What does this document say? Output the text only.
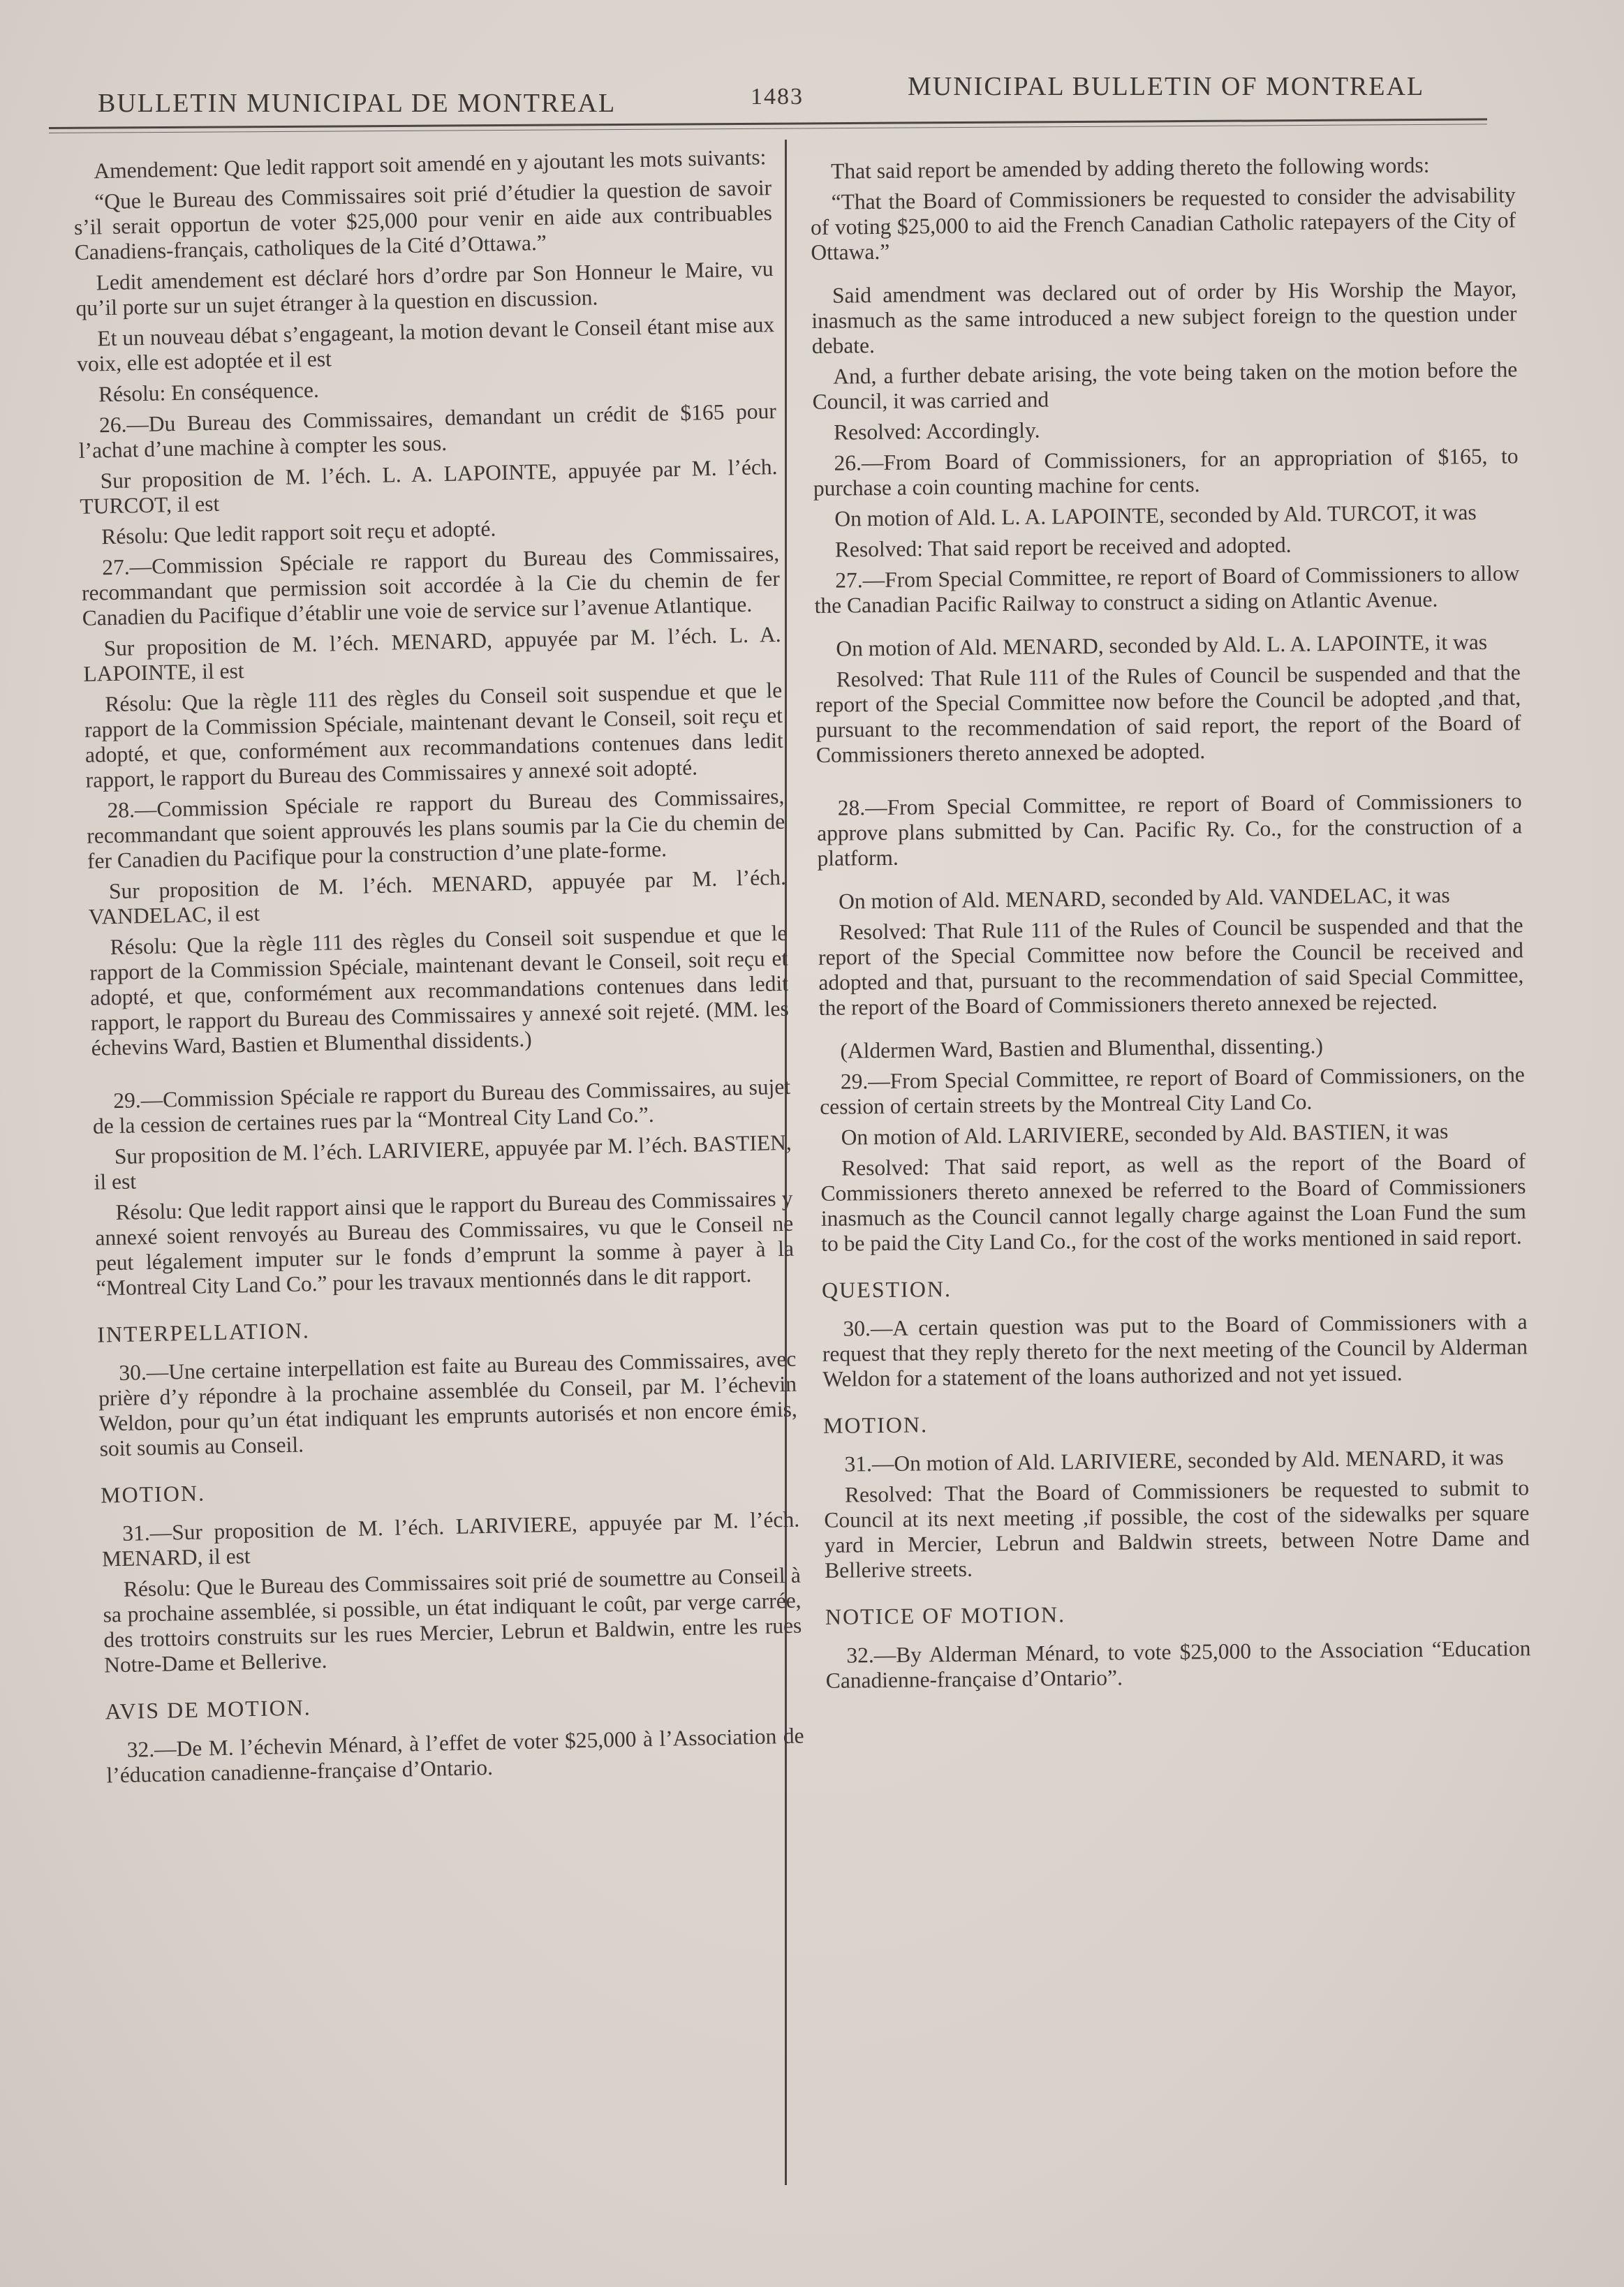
BULLETIN MUNICIPAL DE MONTREAL	1483	MUNICIPAL BULLETIN OF MONTREAL

Amendement: Que ledit rapport soit amendé en y ajoutant les mots suivants:

“Que le Bureau des Commissaires soit prié d’étudier la question de savoir s’il serait opportun de voter $25,000 pour venir en aide aux contribuables Canadiens-français, catholiques de la Cité d’Ottawa.”

Ledit amendement est déclaré hors d’ordre par Son Honneur le Maire, vu qu’il porte sur un sujet étranger à la question en discussion.

Et un nouveau débat s’engageant, la motion devant le Conseil étant mise aux voix, elle est adoptée et il est

Résolu: En conséquence.

26.—Du Bureau des Commissaires, demandant un crédit de $165 pour l’achat d’une machine à compter les sous.

Sur proposition de M. l’éch. L. A. LAPOINTE, appuyée par M. l’éch. TURCOT, il est

Résolu: Que ledit rapport soit reçu et adopté.

27.—Commission Spéciale re rapport du Bureau des Commissaires, recommandant que permission soit accordée à la Cie du chemin de fer Canadien du Pacifique d’établir une voie de service sur l’avenue Atlantique.

Sur proposition de M. l’éch. MENARD, appuyée par M. l’éch. L. A. LAPOINTE, il est

Résolu: Que la règle 111 des règles du Conseil soit suspendue et que le rapport de la Commission Spéciale, maintenant devant le Conseil, soit reçu et adopté, et que, conformément aux recommandations contenues dans ledit rapport, le rapport du Bureau des Commissaires y annexé soit adopté.

28.—Commission Spéciale re rapport du Bureau des Commissaires, recommandant que soient approuvés les plans soumis par la Cie du chemin de fer Canadien du Pacifique pour la construction d’une plate-forme.

Sur proposition de M. l’éch. MENARD, appuyée par M. l’éch. VANDELAC, il est

Résolu: Que la règle 111 des règles du Conseil soit suspendue et que le rapport de la Commission Spéciale, maintenant devant le Conseil, soit reçu et adopté, et que, conformément aux recommandations contenues dans ledit rapport, le rapport du Bureau des Commissaires y annexé soit rejeté. (MM. les échevins Ward, Bastien et Blumenthal dissidents.)

29.—Commission Spéciale re rapport du Bureau des Commissaires, au sujet de la cession de certaines rues par la “Montreal City Land Co.”.

Sur proposition de M. l’éch. LARIVIERE, appuyée par M. l’éch. BASTIEN, il est

Résolu: Que ledit rapport ainsi que le rapport du Bureau des Commissaires y annexé soient renvoyés au Bureau des Commissaires, vu que le Conseil ne peut légalement imputer sur le fonds d’emprunt la somme à payer à la “Montreal City Land Co.” pour les travaux mentionnés dans le dit rapport.

INTERPELLATION.

30.—Une certaine interpellation est faite au Bureau des Commissaires, avec prière d’y répondre à la prochaine assemblée du Conseil, par M. l’échevin Weldon, pour qu’un état indiquant les emprunts autorisés et non encore émis, soit soumis au Conseil.

MOTION.

31.—Sur proposition de M. l’éch. LARIVIERE, appuyée par M. l’éch. MENARD, il est

Résolu: Que le Bureau des Commissaires soit prié de soumettre au Conseil à sa prochaine assemblée, si possible, un état indiquant le coût, par verge carrée, des trottoirs construits sur les rues Mercier, Lebrun et Baldwin, entre les rues Notre-Dame et Bellerive.

AVIS DE MOTION.

32.—De M. l’échevin Ménard, à l’effet de voter $25,000 à l’Association de l’éducation canadienne-française d’Ontario.

That said report be amended by adding thereto the following words:

“That the Board of Commissioners be requested to consider the advisability of voting $25,000 to aid the French Canadian Catholic ratepayers of the City of Ottawa.”

Said amendment was declared out of order by His Worship the Mayor, inasmuch as the same introduced a new subject foreign to the question under debate.

And, a further debate arising, the vote being taken on the motion before the Council, it was carried and

Resolved: Accordingly.

26.—From Board of Commissioners, for an appropriation of $165, to purchase a coin counting machine for cents.

On motion of Ald. L. A. LAPOINTE, seconded by Ald. TURCOT, it was

Resolved: That said report be received and adopted.

27.—From Special Committee, re report of Board of Commissioners to allow the Canadian Pacific Railway to construct a siding on Atlantic Avenue.

On motion of Ald. MENARD, seconded by Ald. L. A. LAPOINTE, it was

Resolved: That Rule 111 of the Rules of Council be suspended and that the report of the Special Committee now before the Council be adopted ,and that, pursuant to the recommendation of said report, the report of the Board of Commissioners thereto annexed be adopted.

28.—From Special Committee, re report of Board of Commissioners to approve plans submitted by Can. Pacific Ry. Co., for the construction of a platform.

On motion of Ald. MENARD, seconded by Ald. VANDELAC, it was

Resolved: That Rule 111 of the Rules of Council be suspended and that the report of the Special Committee now before the Council be received and adopted and that, pursuant to the recommendation of said Special Committee, the report of the Board of Commissioners thereto annexed be rejected.

(Aldermen Ward, Bastien and Blumenthal, dissenting.)

29.—From Special Committee, re report of Board of Commissioners, on the cession of certain streets by the Montreal City Land Co.

On motion of Ald. LARIVIERE, seconded by Ald. BASTIEN, it was

Resolved: That said report, as well as the report of the Board of Commissioners thereto annexed be referred to the Board of Commissioners inasmuch as the Council cannot legally charge against the Loan Fund the sum to be paid the City Land Co., for the cost of the works mentioned in said report.

QUESTION.

30.—A certain question was put to the Board of Commissioners with a request that they reply thereto for the next meeting of the Council by Alderman Weldon for a statement of the loans authorized and not yet issued.

MOTION.

31.—On motion of Ald. LARIVIERE, seconded by Ald. MENARD, it was

Resolved: That the Board of Commissioners be requested to submit to Council at its next meeting ,if possible, the cost of the sidewalks per square yard in Mercier, Lebrun and Baldwin streets, between Notre Dame and Bellerive streets.

NOTICE OF MOTION.

32.—By Alderman Ménard, to vote $25,000 to the Association “Education Canadienne-française d’Ontario”.
